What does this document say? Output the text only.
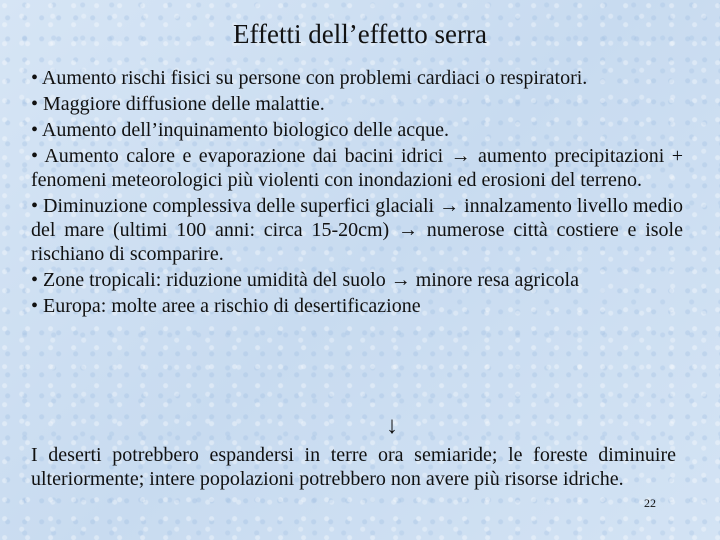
Effetti dell’effetto serra
• Aumento rischi fisici su persone con problemi cardiaci o respiratori.
• Maggiore diffusione delle malattie.
• Aumento dell’inquinamento biologico delle acque.
• Aumento calore e evaporazione dai bacini idrici → aumento precipitazioni + fenomeni meteorologici più violenti con inondazioni ed erosioni del terreno.
• Diminuzione complessiva delle superfici glaciali → innalzamento livello medio del mare (ultimi 100 anni: circa 15-20cm) → numerose città costiere e isole rischiano di scomparire.
• Zone tropicali: riduzione umidità del suolo → minore resa agricola
• Europa: molte aree a rischio di desertificazione
↓
I deserti potrebbero espandersi in terre ora semiaride; le foreste diminuire ulteriormente; intere popolazioni potrebbero non avere più risorse idriche.
22
